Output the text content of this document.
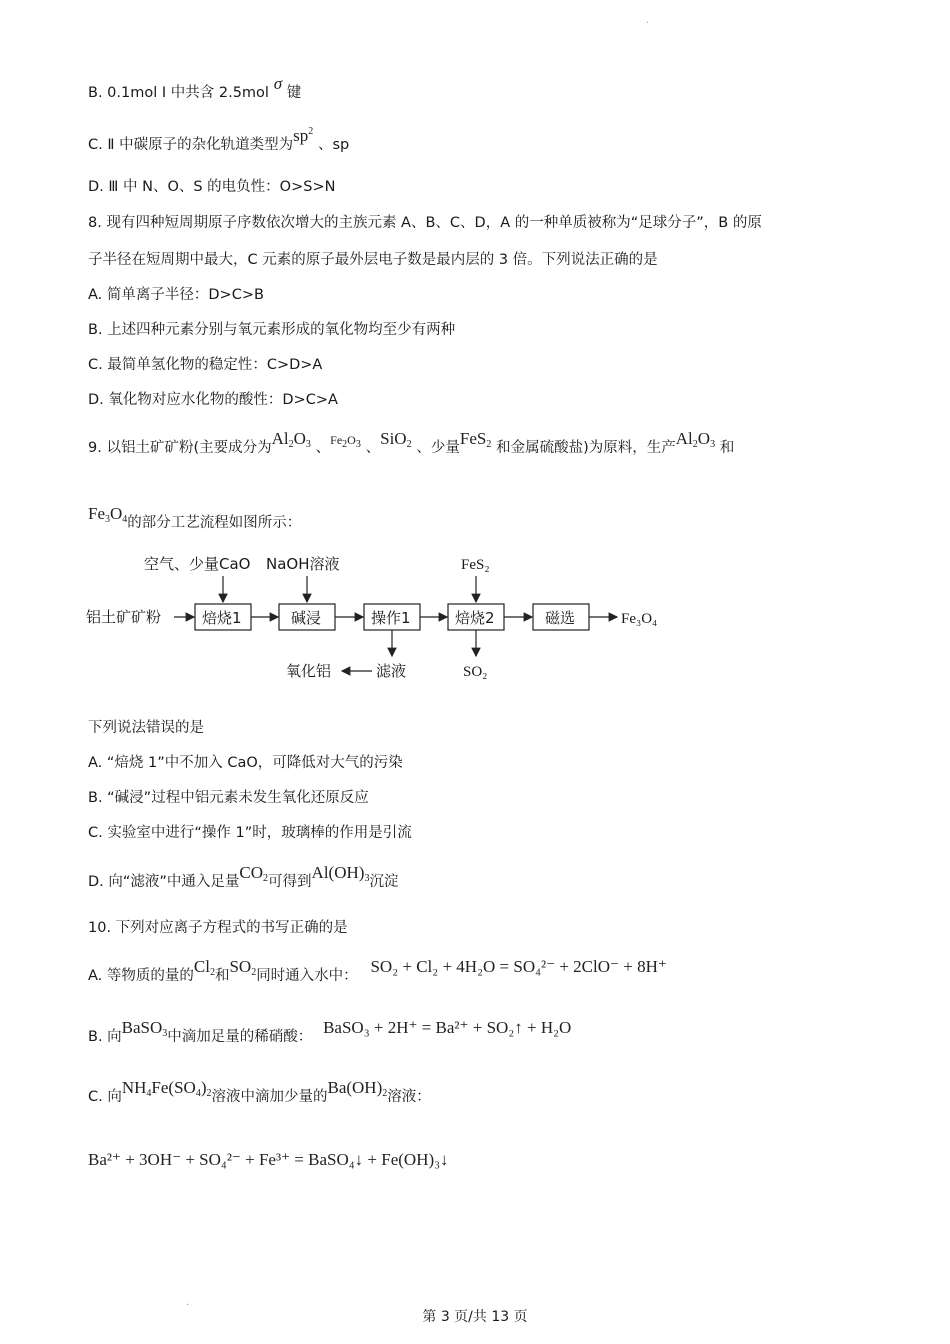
B. 0.1mol I 中共含 2.5mol σ 键
C. Ⅱ 中碳原子的杂化轨道类型为$sp^2$ 、sp
D. Ⅲ 中 N、O、S 的电负性：O>S>N
8. 现有四种短周期原子序数依次增大的主族元素 A、B、C、D，A 的一种单质被称为“足球分子”，B 的原
子半径在短周期中最大，C 元素的原子最外层电子数是最内层的 3 倍。下列说法正确的是
A. 简单离子半径：D>C>B
B. 上述四种元素分别与氧元素形成的氧化物均至少有两种
C. 最简单氢化物的稳定性：C>D>A
D. 氧化物对应水化物的酸性：D>C>A
9. 以铝土矿矿粉(主要成分为$Al_2O_3$ 、$^{Fe_2O_3}$ 、SiO$_2$ 、少量FeS$_2$ 和金属硫酸盐)为原料，生产$Al_2O_3$ 和
$Fe_3O_4$的部分工艺流程如图所示：
空气、少量CaO NaOH溶液	FeS₂
铝土矿矿粉	焙烧1	碱浸	操作1	焙烧2	磁选	Fe₃O₄
滤液
氧化铝	SO₂
下列说法错误的是
A. “焙烧 1”中不加入 CaO，可降低对大气的污染
B. “碱浸”过程中铝元素未发生氧化还原反应
C. 实验室中进行“操作 1”时，玻璃棒的作用是引流
D. 向“滤液”中通入足量$CO_2$可得到$Al(OH)_3$沉淀
10. 下列对应离子方程式的书写正确的是
A. 等物质的量的$Cl_2$和$SO_2$同时通入水中： SO₂ + Cl₂ + 4H₂O = SO₄²⁻ + 2ClO⁻ + 8H⁺
B. 向BaSO$_3$中滴加足量的稀硝酸： BaSO₃ + 2H⁺ = Ba²⁺ + SO₂↑ + H₂O
C. 向$NH_4Fe(SO_4)_2$溶液中滴加少量的$Ba(OH)_2$溶液：
Ba²⁺ + 3OH⁻ + SO₄²⁻ + Fe³⁺ = BaSO₄↓ + Fe(OH)₃↓
第 3 页/共 13 页
·
·
